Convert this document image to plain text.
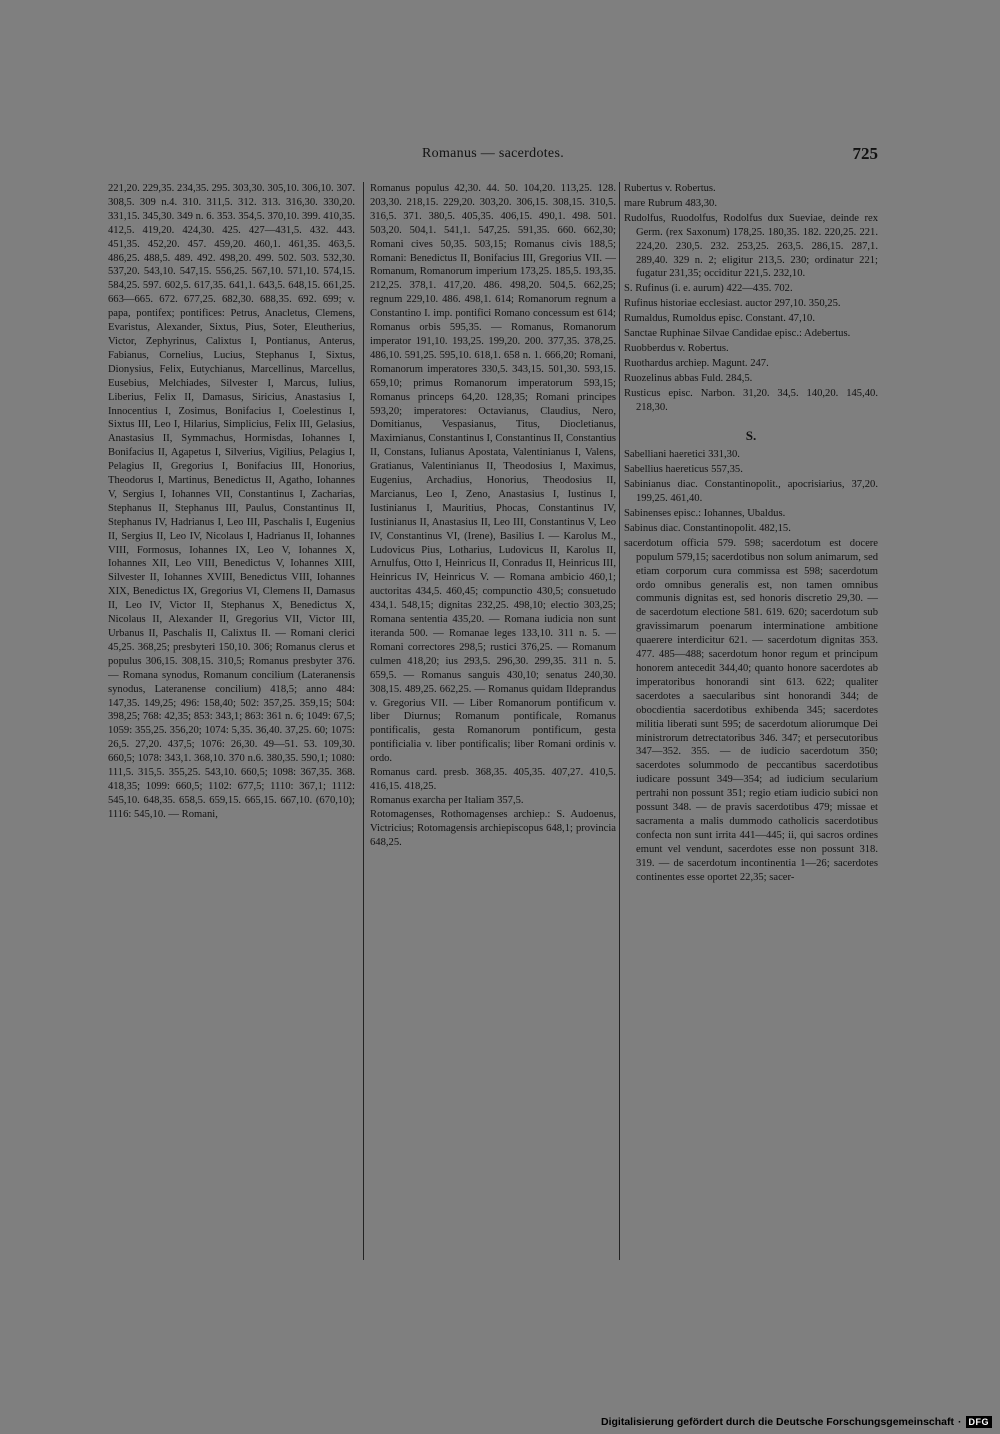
Romanus — sacerdotes.	725

221,20. 229,35. 234,35. 295. 303,30. 305,10. 306,10. 307. 308,5. 309 n.4. 310. 311,5. 312. 313. 316,30. 330,20. 331,15. 345,30. 349 n. 6. 353. 354,5. 370,10. 399. 410,35. 412,5. 419,20. 424,30. 425. 427—431,5. 432. 443. 451,35. 452,20. 457. 459,20. 460,1. 461,35. 463,5. 486,25. 488,5. 489. 492. 498,20. 499. 502. 503. 532,30. 537,20. 543,10. 547,15. 556,25. 567,10. 571,10. 574,15. 584,25. 597. 602,5. 617,35. 641,1. 643,5. 648,15. 661,25. 663—665. 672. 677,25. 682,30. 688,35. 692. 699; v. papa, pontifex; pontifices: Petrus, Anacletus, Clemens, Evaristus, Alexander, Sixtus, Pius, Soter, Eleutherius, Victor, Zephyrinus, Calixtus I, Pontianus, Anterus, Fabianus, Cornelius, Lucius, Stephanus I, Sixtus, Dionysius, Felix, Eutychianus, Marcellinus, Marcellus, Eusebius, Melchiades, Silvester I, Marcus, Iulius, Liberius, Felix II, Damasus, Siricius, Anastasius I, Innocentius I, Zosimus, Bonifacius I, Coelestinus I, Sixtus III, Leo I, Hilarius, Simplicius, Felix III, Gelasius, Anastasius II, Symmachus, Hormisdas, Iohannes I, Bonifacius II, Agapetus I, Silverius, Vigilius, Pelagius I, Pelagius II, Gregorius I, Bonifacius III, Honorius, Theodorus I, Martinus, Benedictus II, Agatho, Iohannes V, Sergius I, Iohannes VII, Constantinus I, Zacharias, Stephanus II, Stephanus III, Paulus, Constantinus II, Stephanus IV, Hadrianus I, Leo III, Paschalis I, Eugenius II, Sergius II, Leo IV, Nicolaus I, Hadrianus II, Iohannes VIII, Formosus, Iohannes IX, Leo V, Iohannes X, Iohannes XII, Leo VIII, Benedictus V, Iohannes XIII, Silvester II, Iohannes XVIII, Benedictus VIII, Iohannes XIX, Benedictus IX, Gregorius VI, Clemens II, Damasus II, Leo IV, Victor II, Stephanus X, Benedictus X, Nicolaus II, Alexander II, Gregorius VII, Victor III, Urbanus II, Paschalis II, Calixtus II. — Romani clerici 45,25. 368,25; presbyteri 150,10. 306; Romanus clerus et populus 306,15. 308,15. 310,5; Romanus presbyter 376. — Romana synodus, Romanum concilium (Lateranensis synodus, Lateranense concilium) 418,5; anno 484: 147,35. 149,25; 496: 158,40; 502: 357,25. 359,15; 504: 398,25; 768: 42,35; 853: 343,1; 863: 361 n. 6; 1049: 67,5; 1059: 355,25. 356,20; 1074: 5,35. 36,40. 37,25. 60; 1075: 26,5. 27,20. 437,5; 1076: 26,30. 49—51. 53. 109,30. 660,5; 1078: 343,1. 368,10. 370 n.6. 380,35. 590,1; 1080: 111,5. 315,5. 355,25. 543,10. 660,5; 1098: 367,35. 368. 418,35; 1099: 660,5; 1102: 677,5; 1110: 367,1; 1112: 545,10. 648,35. 658,5. 659,15. 665,15. 667,10. (670,10); 1116: 545,10. — Romani,

Romanus populus 42,30. 44. 50. 104,20. 113,25. 128. 203,30. 218,15. 229,20. 303,20. 306,15. 308,15. 310,5. 316,5. 371. 380,5. 405,35. 406,15. 490,1. 498. 501. 503,20. 504,1. 541,1. 547,25. 591,35. 660. 662,30; Romani cives 50,35. 503,15; Romanus civis 188,5; Romani: Benedictus II, Bonifacius III, Gregorius VII. — Romanum, Romanorum imperium 173,25. 185,5. 193,35. 212,25. 378,1. 417,20. 486. 498,20. 504,5. 662,25; regnum 229,10. 486. 498,1. 614; Romanorum regnum a Constantino I. imp. pontifici Romano concessum est 614; Romanus orbis 595,35. — Romanus, Romanorum imperator 191,10. 193,25. 199,20. 200. 377,35. 378,25. 486,10. 591,25. 595,10. 618,1. 658 n. 1. 666,20; Romani, Romanorum imperatores 330,5. 343,15. 501,30. 593,15. 659,10; primus Romanorum imperatorum 593,15; Romanus princeps 64,20. 128,35; Romani principes 593,20; imperatores: Octavianus, Claudius, Nero, Domitianus, Vespasianus, Titus, Diocletianus, Maximianus, Constantinus I, Constantinus II, Constantius II, Constans, Iulianus Apostata, Valentinianus I, Valens, Gratianus, Valentinianus II, Theodosius I, Maximus, Eugenius, Archadius, Honorius, Theodosius II, Marcianus, Leo I, Zeno, Anastasius I, Iustinus I, Iustinianus I, Mauritius, Phocas, Constantinus IV, Iustinianus II, Anastasius II, Leo III, Constantinus V, Leo IV, Constantinus VI, (Irene), Basilius I. — Karolus M., Ludovicus Pius, Lotharius, Ludovicus II, Karolus II, Arnulfus, Otto I, Heinricus II, Conradus II, Heinricus III, Heinricus IV, Heinricus V. — Romana ambicio 460,1; auctoritas 434,5. 460,45; compunctio 430,5; consuetudo 434,1. 548,15; dignitas 232,25. 498,10; electio 303,25; Romana sententia 435,20. — Romana iudicia non sunt iteranda 500. — Romanae leges 133,10. 311 n. 5. — Romani correctores 298,5; rustici 376,25. — Romanum culmen 418,20; ius 293,5. 296,30. 299,35. 311 n. 5. 659,5. — Romanus sanguis 430,10; senatus 240,30. 308,15. 489,25. 662,25. — Romanus quidam Ildeprandus v. Gregorius VII. — Liber Romanorum pontificum v. liber Diurnus; Romanum pontificale, Romanus pontificalis, gesta Romanorum pontificum, gesta pontificialia v. liber pontificalis; liber Romani ordinis v. ordo.

Romanus card. presb. 368,35. 405,35. 407,27. 410,5. 416,15. 418,25.

Romanus exarcha per Italiam 357,5.

Rotomagenses, Rothomagenses archiep.: S. Audoenus, Victricius; Rotomagensis archiepiscopus 648,1; provincia 648,25.

Rubertus v. Robertus.

mare Rubrum 483,30.

Rudolfus, Ruodolfus, Rodolfus dux Sueviae, deinde rex Germ. (rex Saxonum) 178,25. 180,35. 182. 220,25. 221. 224,20. 230,5. 232. 253,25. 263,5. 286,15. 287,1. 289,40. 329 n. 2; eligitur 213,5. 230; ordinatur 221; fugatur 231,35; occiditur 221,5. 232,10.

S. Rufinus (i. e. aurum) 422—435. 702.

Rufinus historiae ecclesiast. auctor 297,10. 350,25.

Rumaldus, Rumoldus episc. Constant. 47,10.

Sanctae Ruphinae Silvae Candidae episc.: Adebertus.

Ruobberdus v. Robertus.

Ruothardus archiep. Magunt. 247.

Ruozelinus abbas Fuld. 284,5.

Rusticus episc. Narbon. 31,20. 34,5. 140,20. 145,40. 218,30.

S.

Sabelliani haeretici 331,30.

Sabellius haereticus 557,35.

Sabinianus diac. Constantinopolit., apocrisiarius, 37,20. 199,25. 461,40.

Sabinenses episc.: Iohannes, Ubaldus.

Sabinus diac. Constantinopolit. 482,15.

sacerdotum officia 579. 598; sacerdotum est docere populum 579,15; sacerdotibus non solum animarum, sed etiam corporum cura commissa est 598; sacerdotum ordo omnibus generalis est, non tamen omnibus communis dignitas est, sed honoris discretio 29,30. — de sacerdotum electione 581. 619. 620; sacerdotum sub gravissimarum poenarum interminatione ambitione quaerere interdicitur 621. — sacerdotum dignitas 353. 477. 485—488; sacerdotum honor regum et principum honorem antecedit 344,40; quanto honore sacerdotes ab imperatoribus honorandi sint 613. 622; qualiter sacerdotes a saecularibus sint honorandi 344; de obocdientia sacerdotibus exhibenda 345; sacerdotes militia liberati sunt 595; de sacerdotum aliorumque Dei ministrorum detrectatoribus 346. 347; et persecutoribus 347—352. 355. — de iudicio sacerdotum 350; sacerdotes solummodo de peccantibus sacerdotibus iudicare possunt 349—354; ad iudicium secularium pertrahi non possunt 351; regio etiam iudicio subici non possunt 348. — de pravis sacerdotibus 479; missae et sacramenta a malis dummodo catholicis sacerdotibus confecta non sunt irrita 441—445; ii, qui sacros ordines emunt vel vendunt, sacerdotes esse non possunt 318. 319. — de sacerdotum incontinentia 1—26; sacerdotes continentes esse oportet 22,35; sacer-

Digitalisierung gefördert durch die Deutsche Forschungsgemeinschaft · DFG
